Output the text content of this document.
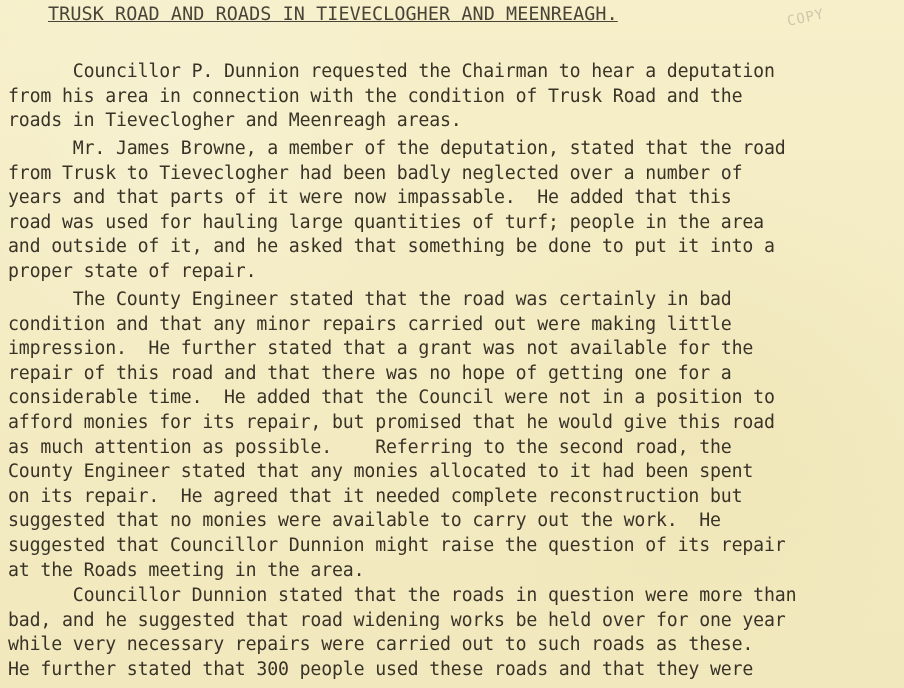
COPY
TRUSK ROAD AND ROADS IN TIEVECLOGHER AND MEENREAGH.

Councillor P. Dunnion requested the Chairman to hear a deputation
from his area in connection with the condition of Trusk Road and the
roads in Tieveclogher and Meenreagh areas.

Mr. James Browne, a member of the deputation, stated that the road
from Trusk to Tieveclogher had been badly neglected over a number of
years and that parts of it were now impassable.  He added that this
road was used for hauling large quantities of turf; people in the area
and outside of it, and he asked that something be done to put it into a
proper state of repair.

The County Engineer stated that the road was certainly in bad
condition and that any minor repairs carried out were making little
impression.  He further stated that a grant was not available for the
repair of this road and that there was no hope of getting one for a
considerable time.  He added that the Council were not in a position to
afford monies for its repair, but promised that he would give this road
as much attention as possible.    Referring to the second road, the
County Engineer stated that any monies allocated to it had been spent
on its repair.  He agreed that it needed complete reconstruction but
suggested that no monies were available to carry out the work.  He
suggested that Councillor Dunnion might raise the question of its repair
at the Roads meeting in the area.

Councillor Dunnion stated that the roads in question were more than
bad, and he suggested that road widening works be held over for one year
while very necessary repairs were carried out to such roads as these.
He further stated that 300 people used these roads and that they were
